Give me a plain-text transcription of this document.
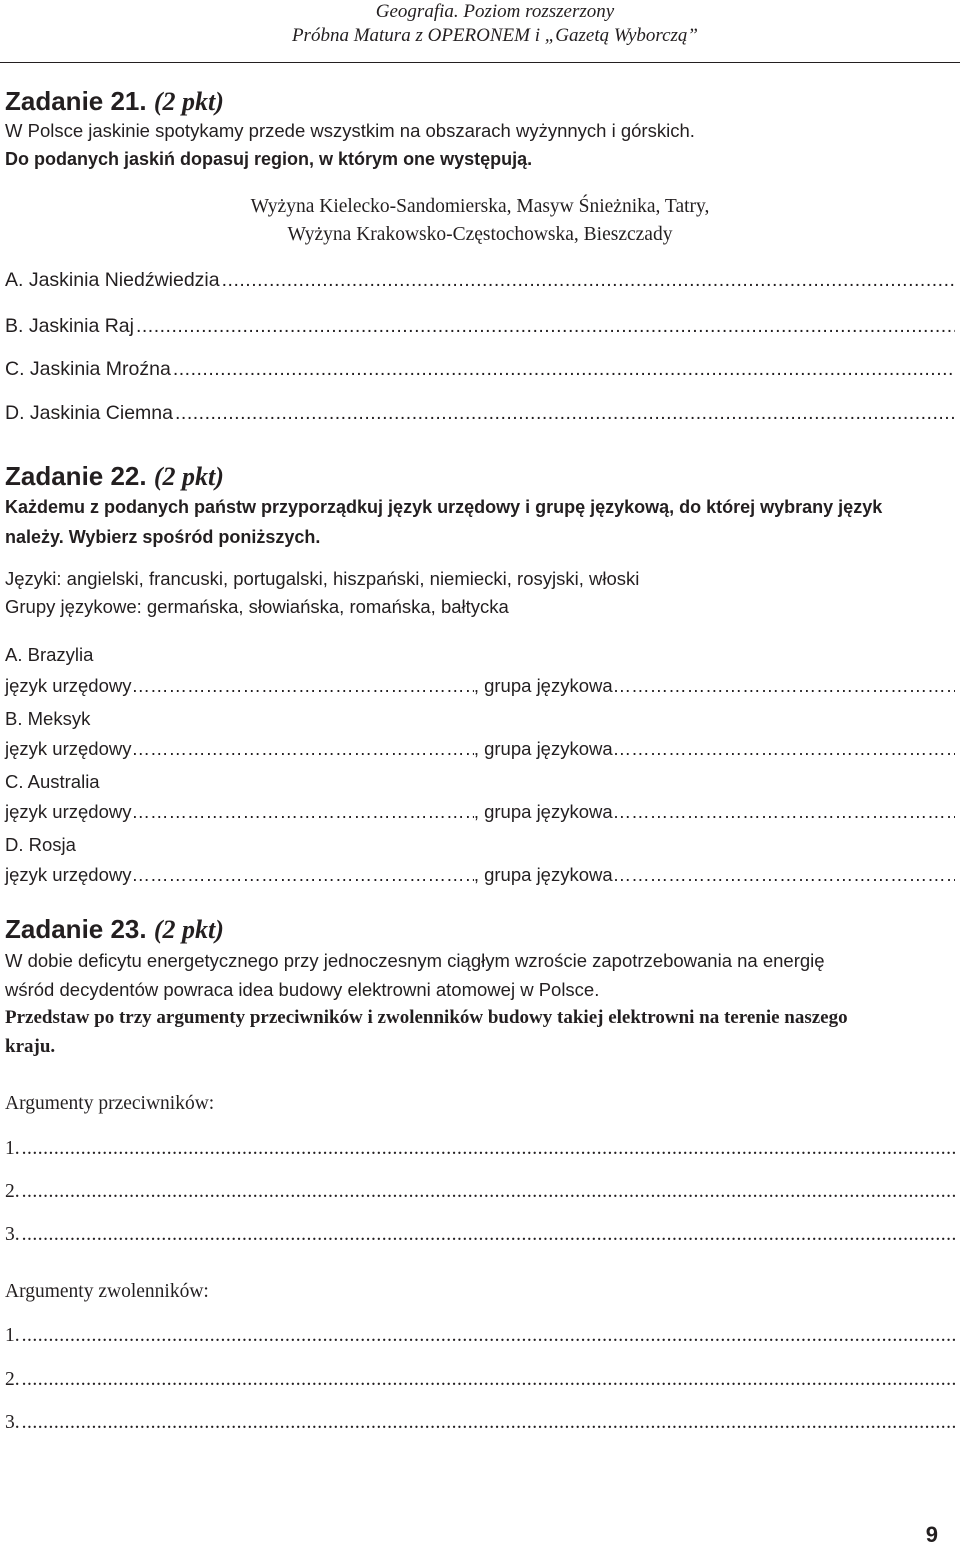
Geografia. Poziom rozszerzony
Próbna Matura z OPERONEM i „Gazetą Wyborczą”
Zadanie 21. (2 pkt)
W Polsce jaskinie spotykamy przede wszystkim na obszarach wyżynnych i górskich.
Do podanych jaskiń dopasuj region, w którym one występują.
Wyżyna Kielecko-Sandomierska, Masyw Śnieżnika, Tatry,
Wyżyna Krakowsko-Częstochowska, Bieszczady
A. Jaskinia Niedźwiedzia
.....
B. Jaskinia Raj
.....
C. Jaskinia Mroźna
.....
D. Jaskinia Ciemna
.....
Zadanie 22. (2 pkt)
Każdemu z podanych państw przyporządkuj język urzędowy i grupę językową, do której wybrany język
należy. Wybierz spośród poniższych.
Języki: angielski, francuski, portugalski, hiszpański, niemiecki, rosyjski, włoski
Grupy językowe: germańska, słowiańska, romańska, bałtycka
A. Brazylia
język urzędowy ………………………………………………………………………………………………………………………………………………	, grupa językowa
………………………………………………………………………………………………………………………………………………
B. Meksyk
język urzędowy ………………………………………………………………………………………………………………………………………………	, grupa językowa
………………………………………………………………………………………………………………………………………………
C. Australia
język urzędowy ………………………………………………………………………………………………………………………………………………	, grupa językowa
………………………………………………………………………………………………………………………………………………
D. Rosja
język urzędowy ………………………………………………………………………………………………………………………………………………	, grupa językowa
………………………………………………………………………………………………………………………………………………
Zadanie 23. (2 pkt)
W dobie deficytu energetycznego przy jednoczesnym ciągłym wzroście zapotrzebowania na energię
wśród decydentów powraca idea budowy elektrowni atomowej w Polsce.
Przedstaw po trzy argumenty przeciwników i zwolenników budowy takiej elektrowni na terenie naszego
kraju.
Argumenty przeciwników:
1.
.....
2.
.....
3.
.....
Argumenty zwolenników:
1.
.....
2.
.....
3.
.....
9
